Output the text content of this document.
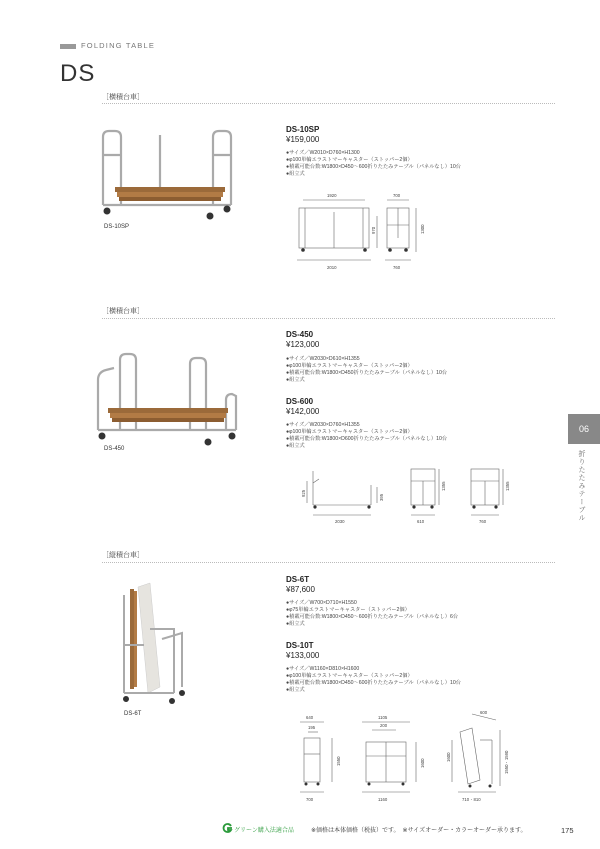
FOLDING TABLE
DS
［横積台車］
DS-10SP
DS-10SP
¥159,000
●サイズ／W2010×D760×H1300
●φ100単輪エラストマーキャスター（ストッパー2個）
●積載可能台数:W1800×D450～600折りたたみテーブル（パネルなし）10台
●組立式
1920	700
970	1300
2010	760
［横積台車］
DS-450
DS-450
¥123,000
●サイズ／W2030×D610×H1355
●φ100単輪エラストマーキャスター（ストッパー2個）
●積載可能台数:W1800×D450折りたたみテーブル（パネルなし）10台
●組立式
DS-600
¥142,000
●サイズ／W2030×D760×H1355
●φ100単輪エラストマーキャスター（ストッパー2個）
●積載可能台数:W1800×D600折りたたみテーブル（パネルなし）10台
●組立式
925
395
1355	1355
2030	610	760
［縦積台車］
DS-6T
DS-6T
¥87,600
●サイズ／W700×D710×H1550
●φ75単輪エラストマーキャスター（ストッパー2個）
●積載可能台数:W1800×D450～600折りたたみテーブル（パネルなし）6台
●組立式
DS-10T
¥133,000
●サイズ／W1160×D810×H1600
●φ100単輪エラストマーキャスター（ストッパー2個）
●積載可能台数:W1800×D450～600折りたたみテーブル（パネルなし）10台
●組立式
640
195
1550
700
1105
200
1600
1160
600
1600	1550・1590
710・810
06
折りたたみテーブル
グリーン購入法適合品	※価格は本体価格（税抜）です。　※サイズオーダー・カラーオーダー承ります。	175
